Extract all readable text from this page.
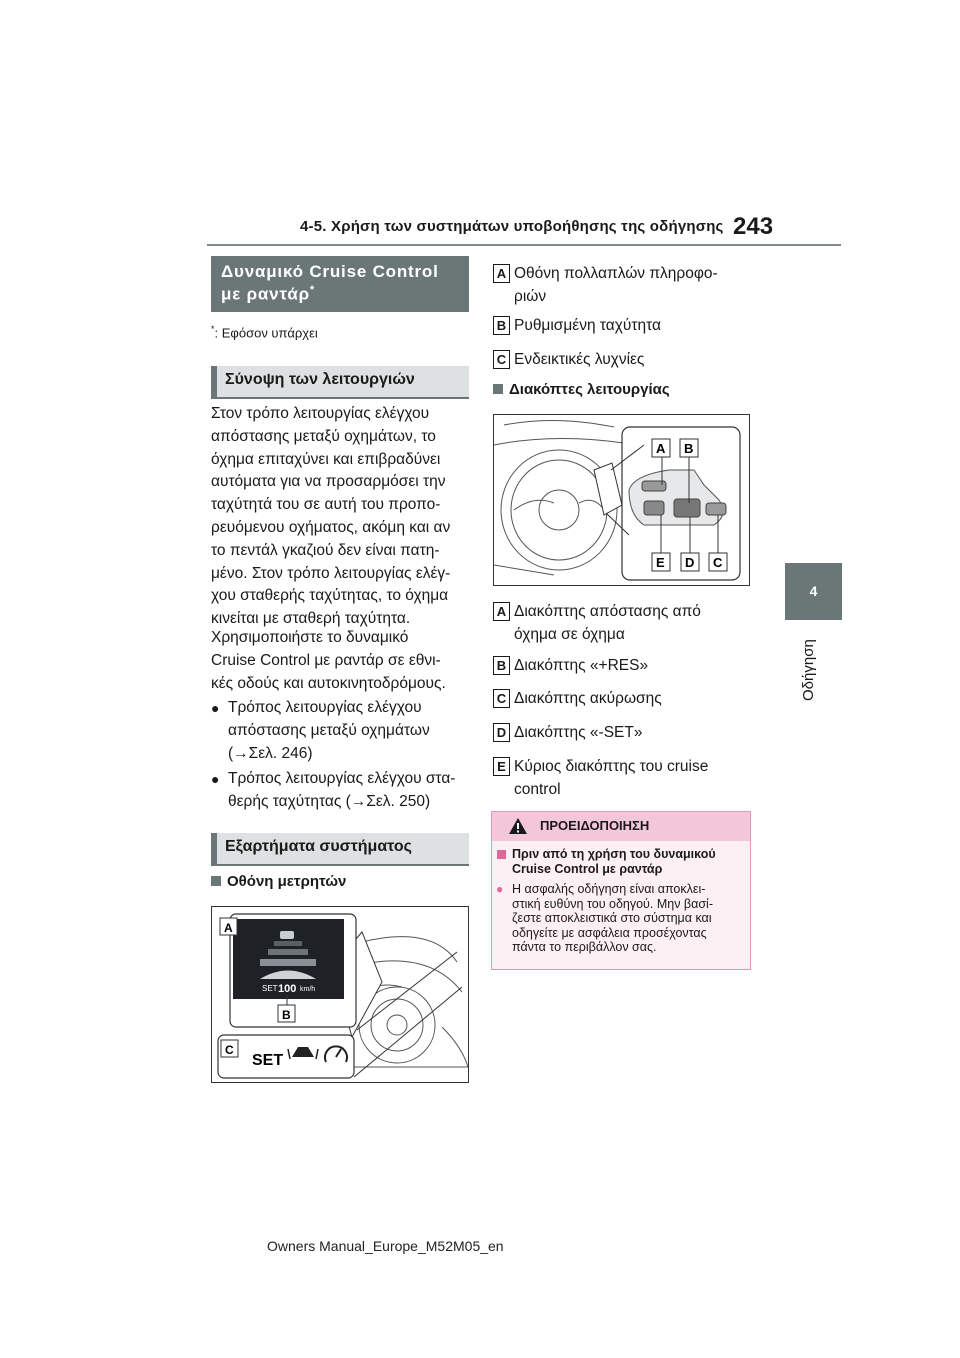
4-5. Χρήση των συστημάτων υποβοήθησης της οδήγησης 243
4
Οδήγηση
Δυναμικό Cruise Control
με ραντάρ*
*: Εφόσον υπάρχει
Σύνοψη των λειτουργιών
Στον τρόπο λειτουργίας ελέγχου
απόστασης μεταξύ οχημάτων, το
όχημα επιταχύνει και επιβραδύνει
αυτόματα για να προσαρμόσει την
ταχύτητά του σε αυτή του προπο-
ρευόμενου οχήματος, ακόμη και αν
το πεντάλ γκαζιού δεν είναι πατη-
μένο. Στον τρόπο λειτουργίας ελέγ-
χου σταθερής ταχύτητας, το όχημα
κινείται με σταθερή ταχύτητα.
Χρησιμοποιήστε το δυναμικό
Cruise Control με ραντάρ σε εθνι-
κές οδούς και αυτοκινητοδρόμους.
● Τρόπος λειτουργίας ελέγχου
απόστασης μεταξύ οχημάτων
(→Σελ. 246)
● Τρόπος λειτουργίας ελέγχου στα-
θερής ταχύτητας (→Σελ. 250)
Εξαρτήματα συστήματος
Οθόνη μετρητών
SET 100 km/h
A
B
C
SET
A Οθόνη πολλαπλών πληροφο-
ριών
B Ρυθμισμένη ταχύτητα
C Ενδεικτικές λυχνίες
Διακόπτες λειτουργίας
A B
E D C
A Διακόπτης απόστασης από
όχημα σε όχημα
B Διακόπτης «+RES»
C Διακόπτης ακύρωσης
D Διακόπτης «-SET»
E Κύριος διακόπτης του cruise
control
ΠΡΟΕΙΔΟΠΟΙΗΣΗ
Πριν από τη χρήση του δυναμικού
Cruise Control με ραντάρ
● Η ασφαλής οδήγηση είναι αποκλει-
στική ευθύνη του οδηγού. Μην βασί-
ζεστε αποκλειστικά στο σύστημα και
οδηγείτε με ασφάλεια προσέχοντας
πάντα το περιβάλλον σας.
Owners Manual_Europe_M52M05_en
